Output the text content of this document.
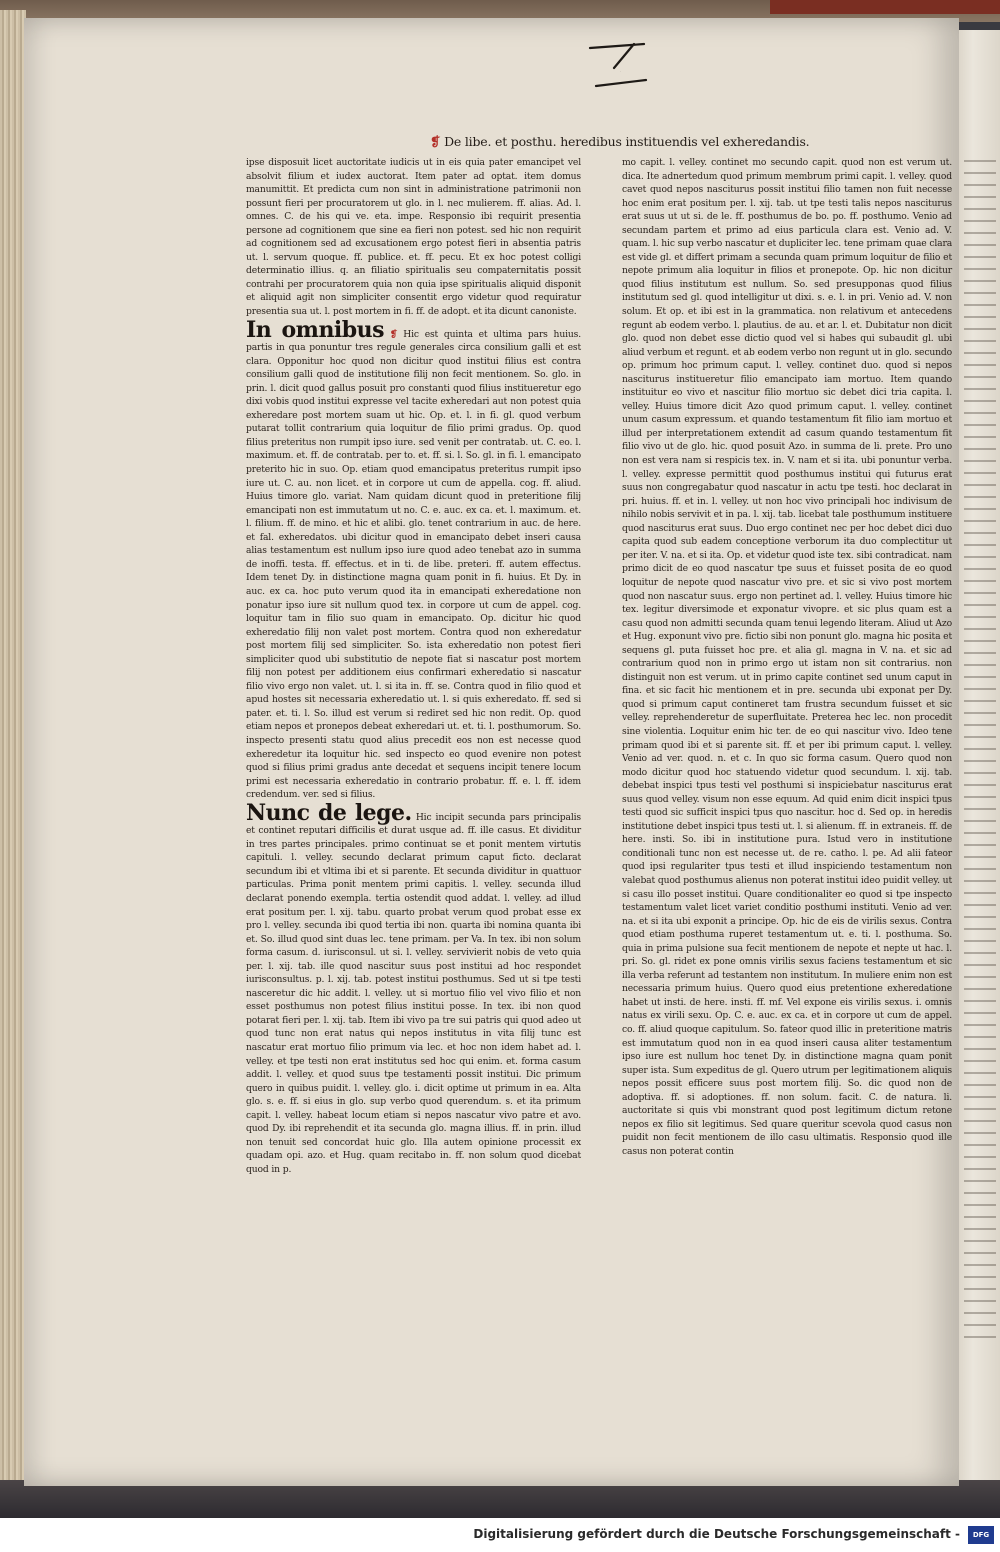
v
❡ De libe. et posthu. heredibus instituendis vel exheredandis.

ipse disposuit licet auctoritate iudicis ut in eis quia pater emancipet vel absolvit filium et iudex auctorat. Item pater ad optat. item domus manumittit. Et predicta cum non sint in administratione patrimonii non possunt fieri per procuratorem ut glo. in l. nec mulierem. ff. alias. Ad. l. omnes. C. de his qui ve. eta. impe. Responsio ibi requirit presentia persone ad cognitionem que sine ea fieri non potest. sed hic non requirit ad cognitionem sed ad excusationem ergo potest fieri in absentia patris ut. l. servum quoque. ff. publice. et. ff. pecu. Et ex hoc potest colligi determinatio illius. q. an filiatio spiritualis seu compaternitatis possit contrahi per procuratorem quia non quia ipse spiritualis aliquid disponit et aliquid agit non simpliciter consentit ergo videtur quod requiratur presentia sua ut. l. post mortem in fi. ff. de adopt. et ita dicunt canoniste.

In omnibus ❡ Hic est quinta et ultima pars huius. partis in qua ponuntur tres regule generales circa consilium galli et est clara. Opponitur hoc quod non dicitur quod institui filius est contra consilium galli quod de institutione filij non fecit mentionem. So. glo. in prin. l. dicit quod gallus posuit pro constanti quod filius institueretur ego dixi vobis quod institui expresse vel tacite exheredari aut non potest quia exheredare post mortem suam ut hic. Op. et. l. in fi. gl. quod verbum putarat tollit contrarium quia loquitur de filio primi gradus. Op. quod filius preteritus non rumpit ipso iure. sed venit per contratab. ut. C. eo. l. maximum. et. ff. de contratab. per to. et. ff. si. l. So. gl. in fi. l. emancipato preterito hic in suo. Op. etiam quod emancipatus preteritus rumpit ipso iure ut. C. au. non licet. et in corpore ut cum de appella. cog. ff. aliud. Huius timore glo. variat. Nam quidam dicunt quod in preteritione filij emancipati non est immutatum ut no. C. e. auc. ex ca. et. l. maximum. et. l. filium. ff. de mino. et hic et alibi. glo. tenet contrarium in auc. de here. et fal. exheredatos. ubi dicitur quod in emancipato debet inseri causa alias testamentum est nullum ipso iure quod adeo tenebat azo in summa de inoffi. testa. ff. effectus. et in ti. de libe. preteri. ff. autem effectus. Idem tenet Dy. in distinctione magna quam ponit in fi. huius. Et Dy. in auc. ex ca. hoc puto verum quod ita in emancipati exheredatione non ponatur ipso iure sit nullum quod tex. in corpore ut cum de appel. cog. loquitur tam in filio suo quam in emancipato. Op. dicitur hic quod exheredatio filij non valet post mortem. Contra quod non exheredatur post mortem filij sed simpliciter. So. ista exheredatio non potest fieri simpliciter quod ubi substitutio de nepote fiat si nascatur post mortem filij non potest per additionem eius confirmari exheredatio si nascatur filio vivo ergo non valet. ut. l. si ita in. ff. se. Contra quod in filio quod et apud hostes sit necessaria exheredatio ut. l. si quis exheredato. ff. sed si pater. et. ti. l. So. illud est verum si rediret sed hic non redit. Op. quod etiam nepos et pronepos debeat exheredari ut. et. ti. l. posthumorum. So. inspecto presenti statu quod alius precedit eos non est necesse quod exheredetur ita loquitur hic. sed inspecto eo quod evenire non potest quod si filius primi gradus ante decedat et sequens incipit tenere locum primi est necessaria exheredatio in contrario probatur. ff. e. l. ff. idem credendum. ver. sed si filius.

Nunc de lege. Hic incipit secunda pars principalis et continet reputari difficilis et durat usque ad. ff. ille casus. Et dividitur in tres partes principales. primo continuat se et ponit mentem virtutis capituli. l. velley. secundo declarat primum caput ficto. declarat secundum ibi et vltima ibi et si parente. Et secunda dividitur in quattuor particulas. Prima ponit mentem primi capitis. l. velley. secunda illud declarat ponendo exempla. tertia ostendit quod addat. l. velley. ad illud erat positum per. l. xij. tabu. quarto probat verum quod probat esse ex pro l. velley. secunda ibi quod tertia ibi non. quarta ibi nomina quanta ibi et. So. illud quod sint duas lec. tene primam. per Va. In tex. ibi non solum forma casum. d. iurisconsul. ut si. l. velley. servivierit nobis de veto quia per. l. xij. tab. ille quod nascitur suus post institui ad hoc respondet iurisconsultus. p. l. xij. tab. potest institui posthumus. Sed ut si tpe testi nasceretur dic hic addit. l. velley. ut si mortuo filio vel vivo filio et non esset posthumus non potest filius institui posse. In tex. ibi non quod potarat fieri per. l. xij. tab. Item ibi vivo pa tre sui patris qui quod adeo ut quod tunc non erat natus qui nepos institutus in vita filij tunc est nascatur erat mortuo filio primum via lec. et hoc non idem habet ad. l. velley. et tpe testi non erat institutus sed hoc qui enim. et. forma casum addit. l. velley. et quod suus tpe testamenti possit institui. Dic primum quero in quibus puidit. l. velley. glo. i. dicit optime ut primum in ea. Alta glo. s. e. ff. si eius in glo. sup verbo quod querendum. s. et ita primum capit. l. velley. habeat locum etiam si nepos nascatur vivo patre et avo. quod Dy. ibi reprehendit et ita secunda glo. magna illius. ff. in prin. illud non tenuit sed concordat huic glo. Illa autem opinione processit ex quadam opi. azo. et Hug. quam recitabo in. ff. non solum quod dicebat quod in p.

mo capit. l. velley. continet mo secundo capit. quod non est verum ut. dica. Ite adnertedum quod primum membrum primi capit. l. velley. quod cavet quod nepos nasciturus possit institui filio tamen non fuit necesse hoc enim erat positum per. l. xij. tab. ut tpe testi talis nepos nasciturus erat suus ut ut si. de le. ff. posthumus de bo. po. ff. posthumo. Venio ad secundam partem et primo ad eius particula clara est. Venio ad. V. quam. l. hic sup verbo nascatur et dupliciter lec. tene primam quae clara est vide gl. et differt primam a secunda quam primum loquitur de filio et nepote primum alia loquitur in filios et pronepote. Op. hic non dicitur quod filius institutum est nullum. So. sed presupponas quod filius institutum sed gl. quod intelligitur ut dixi. s. e. l. in pri. Venio ad. V. non solum. Et op. et ibi est in la grammatica. non relativum et antecedens regunt ab eodem verbo. l. plautius. de au. et ar. l. et. Dubitatur non dicit glo. quod non debet esse dictio quod vel si habes qui subaudit gl. ubi aliud verbum et regunt. et ab eodem verbo non regunt ut in glo. secundo op. primum hoc primum caput. l. velley. continet duo. quod si nepos nasciturus institueretur filio emancipato iam mortuo. Item quando instituitur eo vivo et nascitur filio mortuo sic debet dici tria capita. l. velley. Huius timore dicit Azo quod primum caput. l. velley. continet unum casum expressum. et quando testamentum fit filio iam mortuo et illud per interpretationem extendit ad casum quando testamentum fit filio vivo ut de glo. hic. quod posuit Azo. in summa de li. prete. Pro uno non est vera nam si respicis tex. in. V. nam et si ita. ubi ponuntur verba. l. velley. expresse permittit quod posthumus institui qui futurus erat suus non congregabatur quod nascatur in actu tpe testi. hoc declarat in pri. huius. ff. et in. l. velley. ut non hoc vivo principali hoc indivisum de nihilo nobis servivit et in pa. l. xij. tab. licebat tale posthumum instituere quod nasciturus erat suus. Duo ergo continet nec per hoc debet dici duo capita quod sub eadem conceptione verborum ita duo complectitur ut per iter. V. na. et si ita. Op. et videtur quod iste tex. sibi contradicat. nam primo dicit de eo quod nascatur tpe suus et fuisset posita de eo quod loquitur de nepote quod nascatur vivo pre. et sic si vivo post mortem quod non nascatur suus. ergo non pertinet ad. l. velley. Huius timore hic tex. legitur diversimode et exponatur vivopre. et sic plus quam est a casu quod non admitti secunda quam tenui legendo literam. Aliud ut Azo et Hug. exponunt vivo pre. fictio sibi non ponunt glo. magna hic posita et sequens gl. puta fuisset hoc pre. et alia gl. magna in V. na. et sic ad contrarium quod non in primo ergo ut istam non sit contrarius. non distinguit non est verum. ut in primo capite continet sed unum caput in fina. et sic facit hic mentionem et in pre. secunda ubi exponat per Dy. quod si primum caput contineret tam frustra secundum fuisset et sic velley. reprehenderetur de superfluitate. Preterea hec lec. non procedit sine violentia. Loquitur enim hic ter. de eo qui nascitur vivo. Ideo tene primam quod ibi et si parente sit. ff. et per ibi primum caput. l. velley. Venio ad ver. quod. n. et c. In quo sic forma casum. Quero quod non modo dicitur quod hoc statuendo videtur quod secundum. l. xij. tab. debebat inspici tpus testi vel posthumi si inspiciebatur nasciturus erat suus quod velley. visum non esse equum. Ad quid enim dicit inspici tpus testi quod sic sufficit inspici tpus quo nascitur. hoc d. Sed op. in heredis institutione debet inspici tpus testi ut. l. si alienum. ff. in extraneis. ff. de here. insti. So. ibi in institutione pura. Istud vero in institutione conditionali tunc non est necesse ut. de re. catho. l. pe. Ad alii fateor quod ipsi regulariter tpus testi et illud inspiciendo testamentum non valebat quod posthumus alienus non poterat institui ideo puidit velley. ut si casu illo posset institui. Quare conditionaliter eo quod si tpe inspecto testamentum valet licet variet conditio posthumi instituti. Venio ad ver. na. et si ita ubi exponit a principe. Op. hic de eis de virilis sexus. Contra quod etiam posthuma ruperet testamentum ut. e. ti. l. posthuma. So. quia in prima pulsione sua fecit mentionem de nepote et nepte ut hac. l. pri. So. gl. ridet ex pone omnis virilis sexus faciens testamentum et sic illa verba referunt ad testantem non institutum. In muliere enim non est necessaria primum huius. Quero quod eius pretentione exheredatione habet ut insti. de here. insti. ff. mf. Vel expone eis virilis sexus. i. omnis natus ex virili sexu. Op. C. e. auc. ex ca. et in corpore ut cum de appel. co. ff. aliud quoque capitulum. So. fateor quod illic in preteritione matris est immutatum quod non in ea quod inseri causa aliter testamentum ipso iure est nullum hoc tenet Dy. in distinctione magna quam ponit super ista. Sum expeditus de gl. Quero utrum per legitimationem aliquis nepos possit efficere suus post mortem filij. So. dic quod non de adoptiva. ff. si adoptiones. ff. non solum. facit. C. de natura. li. auctoritate si quis vbi monstrant quod post legitimum dictum retone nepos ex filio sit legitimus. Sed quare queritur scevola quod casus non puidit non fecit mentionem de illo casu ultimatis. Responsio quod ille casus non poterat contin

Digitalisierung gefördert durch die Deutsche Forschungsgemeinschaft -	DFG
